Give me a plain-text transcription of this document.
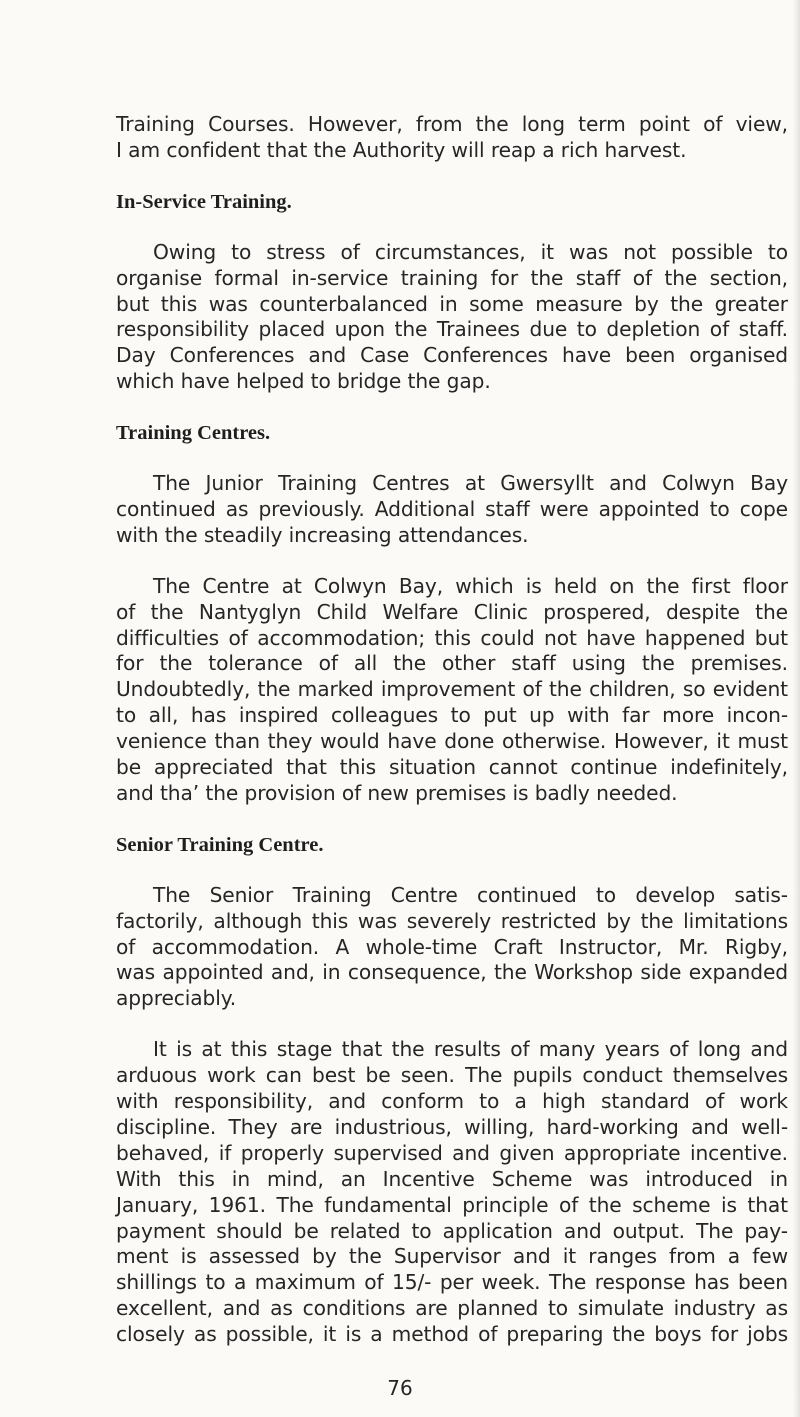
Training Courses. However, from the long term point of view,
I am confident that the Authority will reap a rich harvest.
In-Service Training.
Owing to stress of circumstances, it was not possible to
organise formal in-service training for the staff of the section,
but this was counterbalanced in some measure by the greater
responsibility placed upon the Trainees due to depletion of staff.
Day Conferences and Case Conferences have been organised
which have helped to bridge the gap.
Training Centres.
The Junior Training Centres at Gwersyllt and Colwyn Bay
continued as previously. Additional staff were appointed to cope
with the steadily increasing attendances.
The Centre at Colwyn Bay, which is held on the first floor
of the Nantyglyn Child Welfare Clinic prospered, despite the
difficulties of accommodation; this could not have happened but
for the tolerance of all the other staff using the premises.
Undoubtedly, the marked improvement of the children, so evident
to all, has inspired colleagues to put up with far more incon-
venience than they would have done otherwise. However, it must
be appreciated that this situation cannot continue indefinitely,
and tha’ the provision of new premises is badly needed.
Senior Training Centre.
The Senior Training Centre continued to develop satis-
factorily, although this was severely restricted by the limitations
of accommodation. A whole-time Craft Instructor, Mr. Rigby,
was appointed and, in consequence, the Workshop side expanded
appreciably.
It is at this stage that the results of many years of long and
arduous work can best be seen. The pupils conduct themselves
with responsibility, and conform to a high standard of work
discipline. They are industrious, willing, hard-working and well-
behaved, if properly supervised and given appropriate incentive.
With this in mind, an Incentive Scheme was introduced in
January, 1961. The fundamental principle of the scheme is that
payment should be related to application and output. The pay-
ment is assessed by the Supervisor and it ranges from a few
shillings to a maximum of 15/- per week. The response has been
excellent, and as conditions are planned to simulate industry as
closely as possible, it is a method of preparing the boys for jobs
76
